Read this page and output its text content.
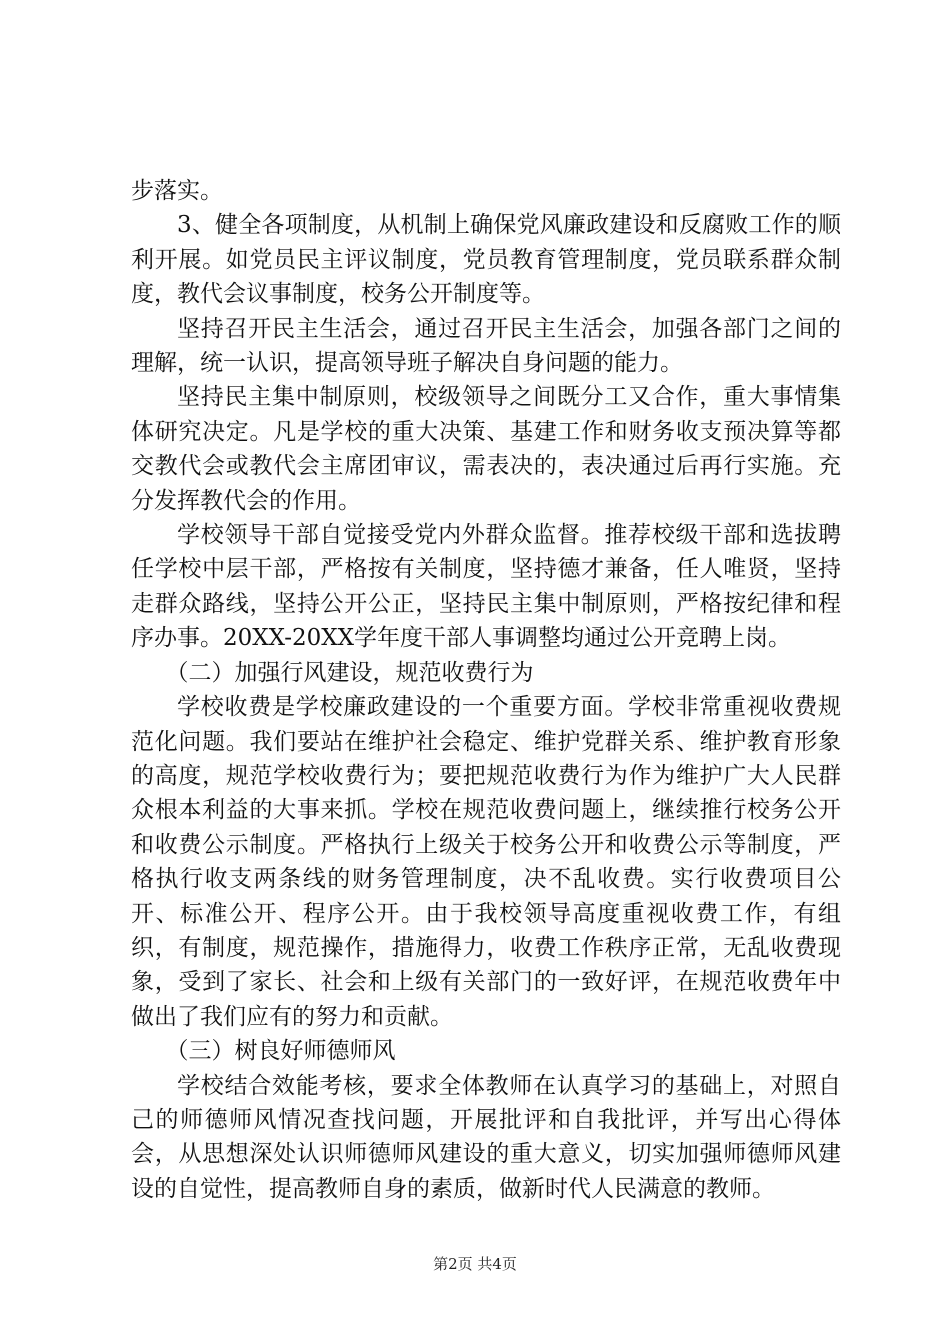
步落实。

3、健全各项制度，从机制上确保党风廉政建设和反腐败工作的顺利开展。如党员民主评议制度，党员教育管理制度，党员联系群众制度，教代会议事制度，校务公开制度等。

坚持召开民主生活会，通过召开民主生活会，加强各部门之间的理解，统一认识，提高领导班子解决自身问题的能力。

坚持民主集中制原则，校级领导之间既分工又合作，重大事情集体研究决定。凡是学校的重大决策、基建工作和财务收支预决算等都交教代会或教代会主席团审议，需表决的，表决通过后再行实施。充分发挥教代会的作用。

学校领导干部自觉接受党内外群众监督。推荐校级干部和选拔聘任学校中层干部，严格按有关制度，坚持德才兼备，任人唯贤，坚持走群众路线，坚持公开公正，坚持民主集中制原则，严格按纪律和程序办事。20XX-20XX学年度干部人事调整均通过公开竞聘上岗。

（二）加强行风建设，规范收费行为

学校收费是学校廉政建设的一个重要方面。学校非常重视收费规范化问题。我们要站在维护社会稳定、维护党群关系、维护教育形象的高度，规范学校收费行为；要把规范收费行为作为维护广大人民群众根本利益的大事来抓。学校在规范收费问题上，继续推行校务公开和收费公示制度。严格执行上级关于校务公开和收费公示等制度，严格执行收支两条线的财务管理制度，决不乱收费。实行收费项目公开、标准公开、程序公开。由于我校领导高度重视收费工作，有组织，有制度，规范操作，措施得力，收费工作秩序正常，无乱收费现象，受到了家长、社会和上级有关部门的一致好评，在规范收费年中做出了我们应有的努力和贡献。

（三）树良好师德师风

学校结合效能考核，要求全体教师在认真学习的基础上，对照自己的师德师风情况查找问题，开展批评和自我批评，并写出心得体会，从思想深处认识师德师风建设的重大意义，切实加强师德师风建设的自觉性，提高教师自身的素质，做新时代人民满意的教师。

第2页 共4页
